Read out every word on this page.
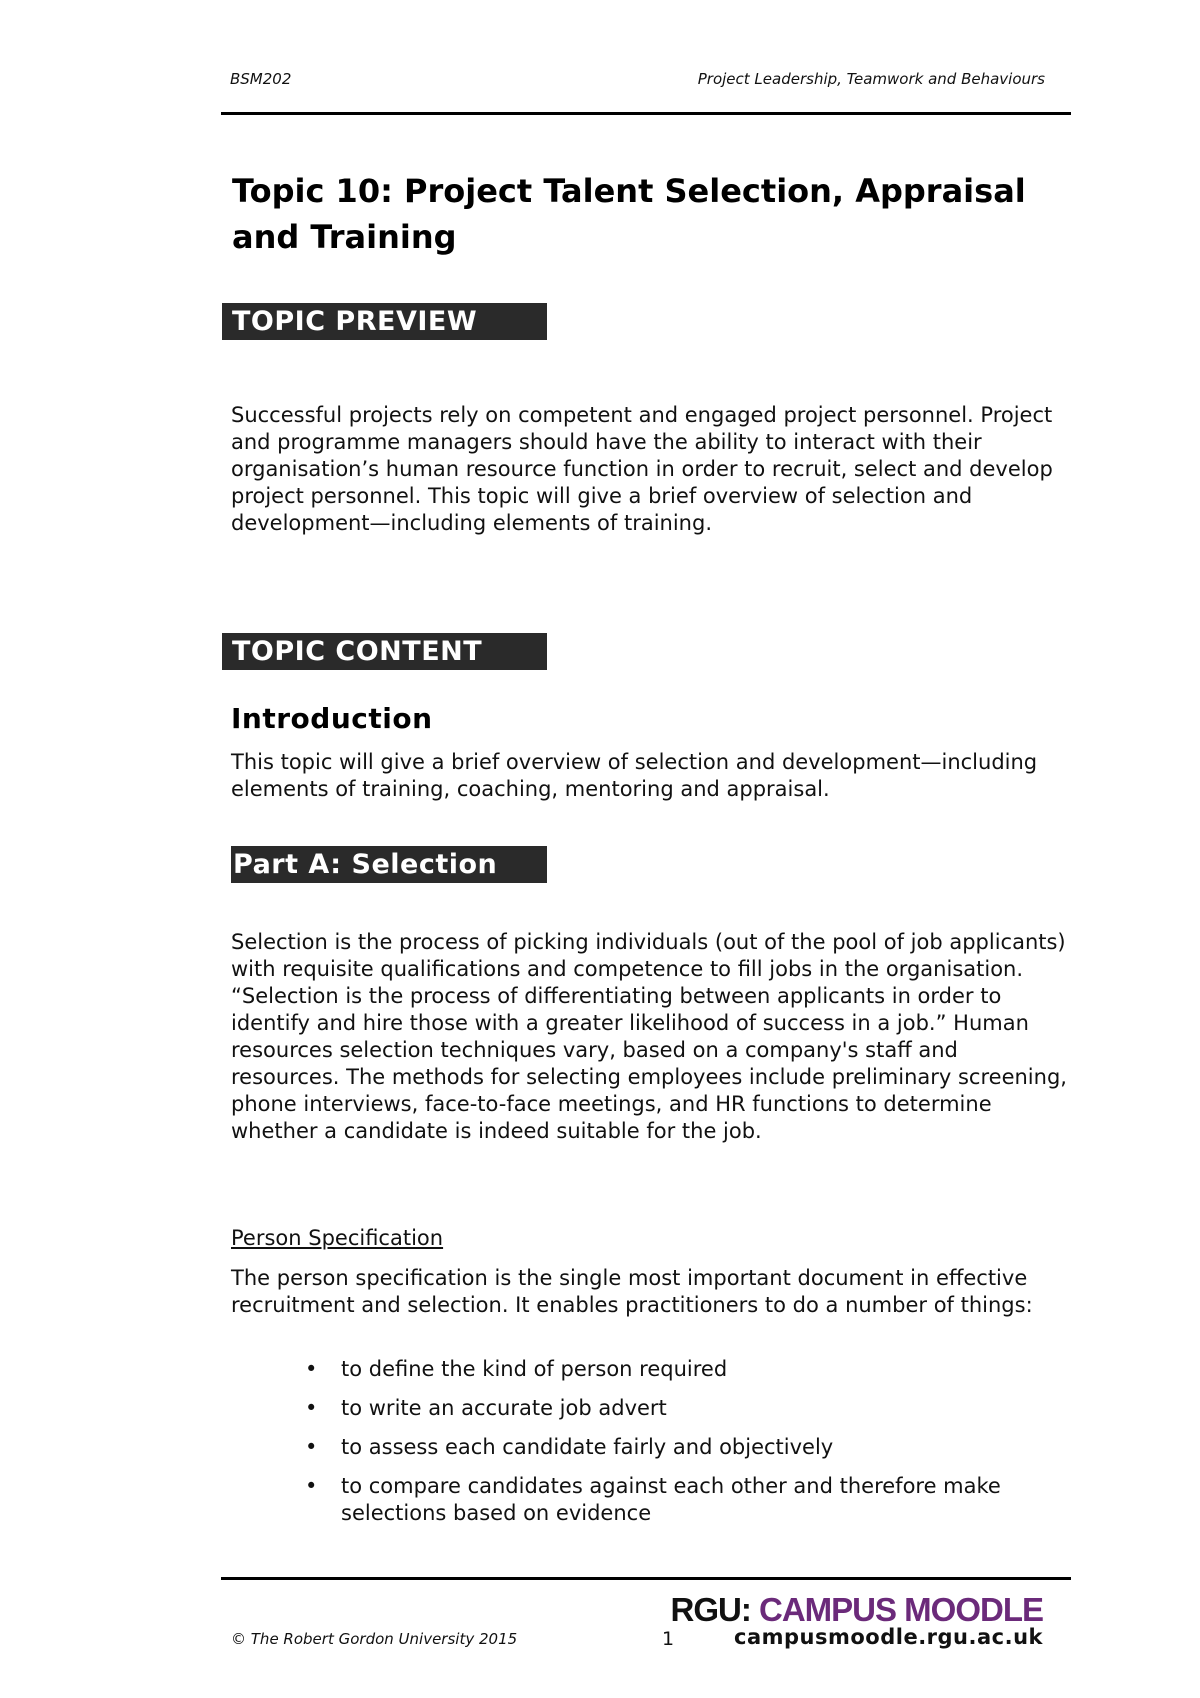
BSM202	Project Leadership, Teamwork and Behaviours
Topic 10: Project Talent Selection, Appraisal and Training
TOPIC PREVIEW

Successful projects rely on competent and engaged project personnel. Project and programme managers should have the ability to interact with their organisation’s human resource function in order to recruit, select and develop project personnel. This topic will give a brief overview of selection and development—including elements of training.

TOPIC CONTENT
Introduction

This topic will give a brief overview of selection and development—including elements of training, coaching, mentoring and appraisal.

Part A: Selection

Selection is the process of picking individuals (out of the pool of job applicants) with requisite qualifications and competence to fill jobs in the organisation. “Selection is the process of differentiating between applicants in order to identify and hire those with a greater likelihood of success in a job.” Human resources selection techniques vary, based on a company's staff and resources. The methods for selecting employees include preliminary screening, phone interviews, face-to-face meetings, and HR functions to determine whether a candidate is indeed suitable for the job.

Person Specification

The person specification is the single most important document in effective recruitment and selection. It enables practitioners to do a number of things:

• to define the kind of person required
• to write an accurate job advert
• to assess each candidate fairly and objectively
• to compare candidates against each other and therefore make selections based on evidence
© The Robert Gordon University 2015	1
RGU: CAMPUS MOODLE
campusmoodle.rgu.ac.uk
